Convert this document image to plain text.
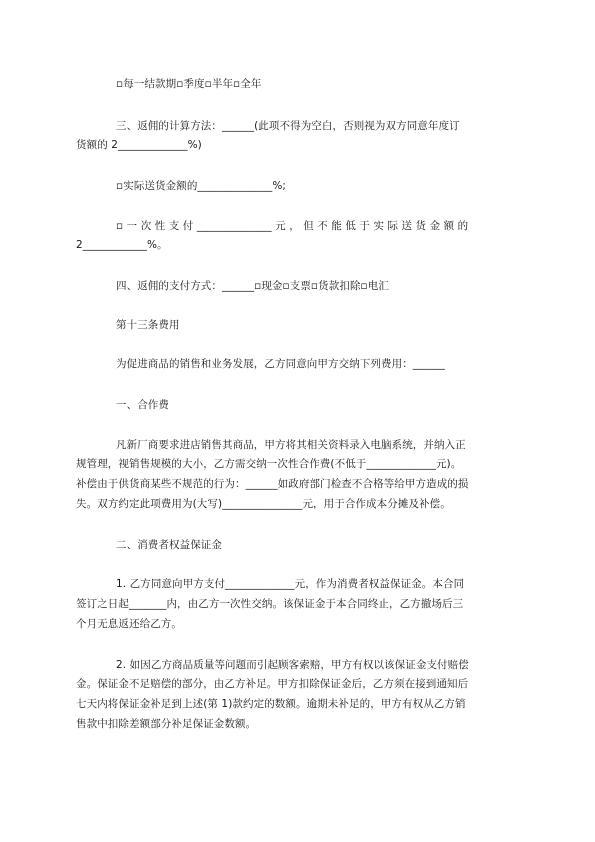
▫每一结款期▫季度▫半年▫全年
三、返佣的计算方法：______(此项不得为空白，否则视为双方同意年度订
货额的 2_____________%)
▫实际送货金额的______________%;
▫ 一 次 性 支 付 ______________ 元 ， 但 不 能 低 于 实 际 送 货 金 额 的
2____________%。
四、返佣的支付方式：______▫现金▫支票▫货款扣除▫电汇
第十三条费用
为促进商品的销售和业务发展，乙方同意向甲方交纳下列费用：______
一、合作费
凡新厂商要求进店销售其商品，甲方将其相关资料录入电脑系统，并纳入正
规管理，视销售规模的大小，乙方需交纳一次性合作费(不低于_____________元)。
补偿由于供货商某些不规范的行为：______如政府部门检查不合格等给甲方造成的损
失。双方约定此项费用为(大写)_______________元，用于合作成本分摊及补偿。
二、消费者权益保证金
1. 乙方同意向甲方支付_____________元，作为消费者权益保证金。本合同
签订之日起_______内，由乙方一次性交纳。该保证金于本合同终止，乙方撤场后三
个月无息返还给乙方。
2. 如因乙方商品质量等问题而引起顾客索赔，甲方有权以该保证金支付赔偿
金。保证金不足赔偿的部分，由乙方补足。甲方扣除保证金后，乙方须在接到通知后
七天内将保证金补足到上述(第 1)款约定的数额。逾期未补足的，甲方有权从乙方销
售款中扣除差额部分补足保证金数额。
